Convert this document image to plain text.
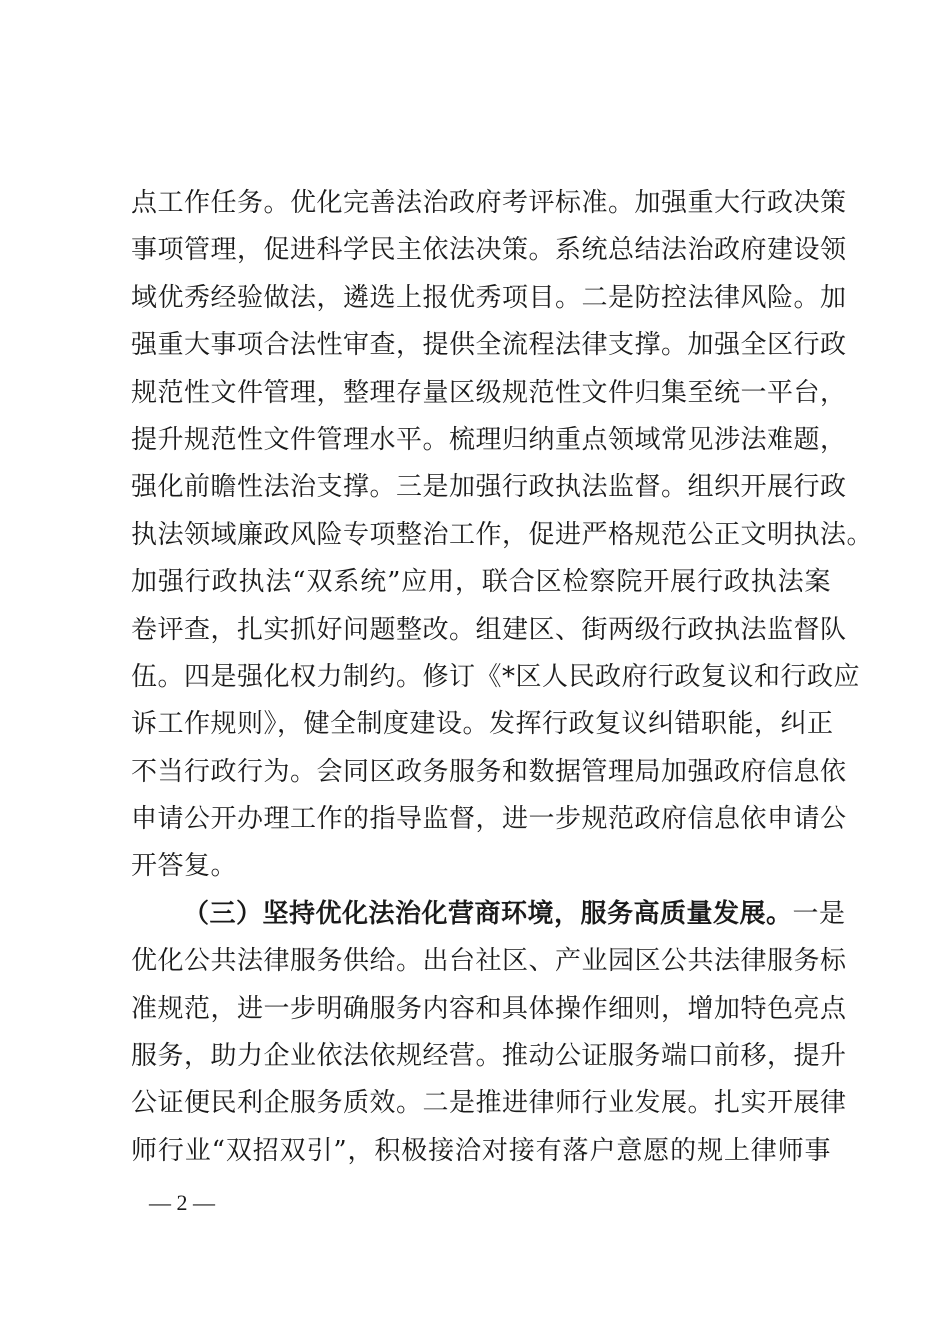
点工作任务。优化完善法治政府考评标准。加强重大行政决策
事项管理，促进科学民主依法决策。系统总结法治政府建设领
域优秀经验做法，遴选上报优秀项目。二是防控法律风险。加
强重大事项合法性审查，提供全流程法律支撑。加强全区行政
规范性文件管理，整理存量区级规范性文件归集至统一平台，
提升规范性文件管理水平。梳理归纳重点领域常见涉法难题，
强化前瞻性法治支撑。三是加强行政执法监督。组织开展行政
执法领域廉政风险专项整治工作，促进严格规范公正文明执法。
加强行政执法“双系统”应用，联合区检察院开展行政执法案
卷评查，扎实抓好问题整改。组建区、街两级行政执法监督队
伍。四是强化权力制约。修订《*区人民政府行政复议和行政应
诉工作规则》，健全制度建设。发挥行政复议纠错职能，纠正
不当行政行为。会同区政务服务和数据管理局加强政府信息依
申请公开办理工作的指导监督，进一步规范政府信息依申请公
开答复。
（三）坚持优化法治化营商环境，服务高质量发展。一是
优化公共法律服务供给。出台社区、产业园区公共法律服务标
准规范，进一步明确服务内容和具体操作细则，增加特色亮点
服务，助力企业依法依规经营。推动公证服务端口前移，提升
公证便民利企服务质效。二是推进律师行业发展。扎实开展律
师行业“双招双引”，积极接洽对接有落户意愿的规上律师事
— 2 —
